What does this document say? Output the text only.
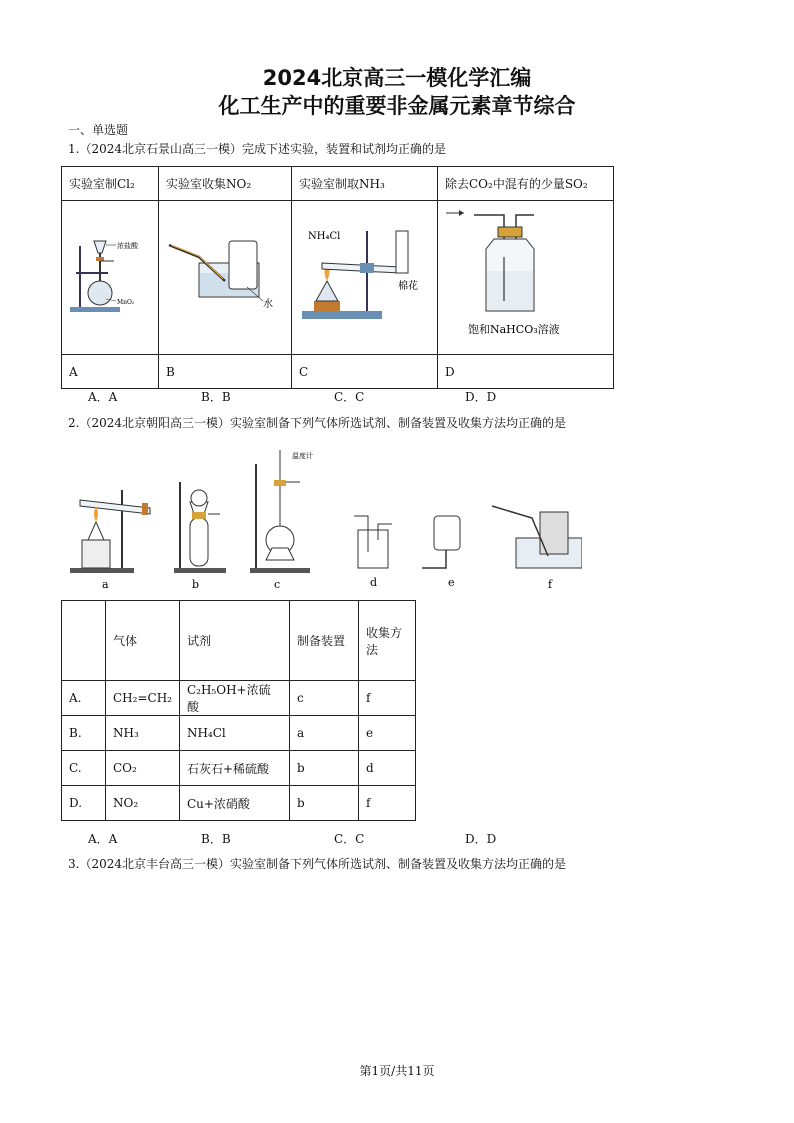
2024北京高三一模化学汇编
化工生产中的重要非金属元素章节综合
一、单选题
1.（2024北京石景山高三一模）完成下述实验，装置和试剂均正确的是
实验室制Cl₂	实验室收集NO₂	实验室制取NH₃	除去CO₂中混有的少量SO₂

浓盐酸
MnO₂	水	NH₄Cl
棉花	饱和NaHCO₃溶液

A	B	C	D
A．A	B．B	C．C	D．D
2.（2024北京朝阳高三一模）实验室制备下列气体所选试剂、制备装置及收集方法均正确的是
a	b
温度计
c	d	e	f
	气体	试剂	制备装置	收集方法
A.	CH₂=CH₂	C₂H₅OH+浓硫酸	c	f
B.	NH₃	NH₄Cl	a	e
C.	CO₂	石灰石+稀硫酸	b	d
D.	NO₂	Cu+浓硝酸	b	f
A．A	B．B	C．C	D．D
3.（2024北京丰台高三一模）实验室制备下列气体所选试剂、制备装置及收集方法均正确的是
第1页/共11页
